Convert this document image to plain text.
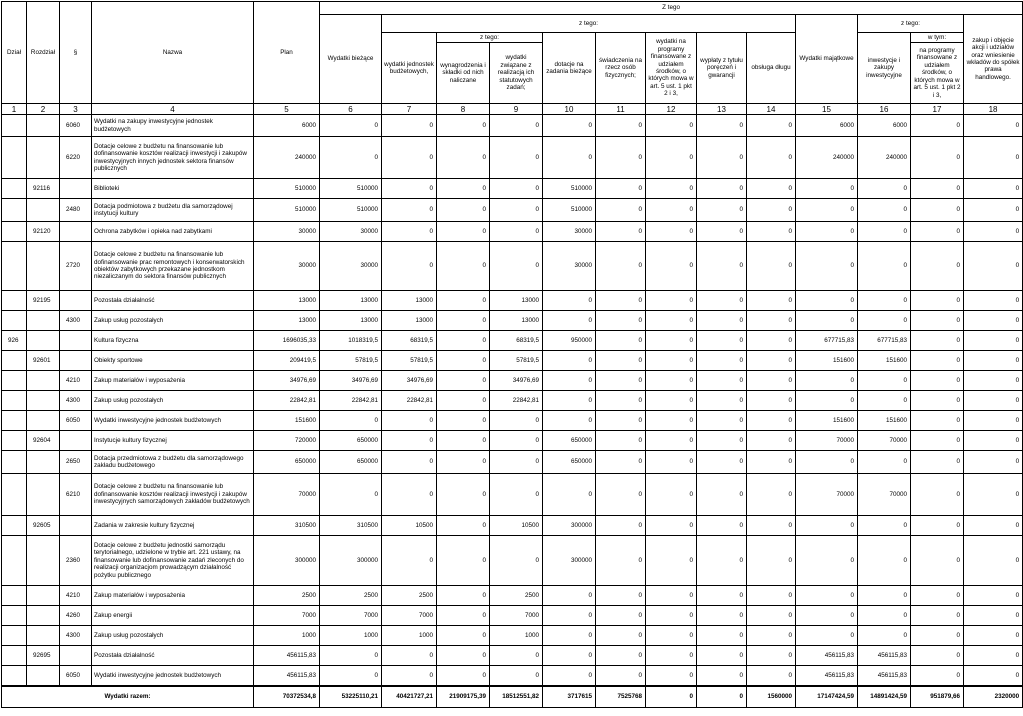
Dział	Rozdział	§	Nazwa	Plan	Z tego												
					Wydatki bieżące	z tego:								Wydatki majątkowe	z tego:		zakup i objęcie akcji i udziałów oraz wniesienie wkładów do spółek prawa handlowego.
						wydatki jednostek budżetowych,	z tego:		dotacje na zadania bieżące	świadczenia na rzecz osób fizycznych;	wydatki na programy finansowane z udziałem środków, o których mowa w art. 5 ust. 1 pkt 2 i 3,	wypłaty z tytułu poręczeń i gwarancji	obsługa długu		inwestycje i zakupy inwestycyjne	w tym:	
							wynagrodzenia i składki od nich naliczane	wydatki związane z realizacją ich statutowych zadań;								na programy finansowane z udziałem środków, o których mowa w art. 5 ust. 1 pkt 2 i 3,	

1	2	3	4	5	6	7	8	9	10	11	12	13	14	15	16	17	18
		6060	Wydatki na zakupy inwestycyjne jednostek budżetowych	6000	0	0	0	0	0	0	0	0	0	6000	6000	0	0
		6220	Dotacje celowe z budżetu na finansowanie lub dofinansowanie kosztów realizacji inwestycji i zakupów inwestycyjnych innych jednostek sektora finansów publicznych	240000	0	0	0	0	0	0	0	0	0	240000	240000	0	0
	92116		Biblioteki	510000	510000	0	0	0	510000	0	0	0	0	0	0	0	0
		2480	Dotacja podmiotowa z budżetu dla samorządowej instytucji kultury	510000	510000	0	0	0	510000	0	0	0	0	0	0	0	0
	92120		Ochrona zabytków i opieka nad zabytkami	30000	30000	0	0	0	30000	0	0	0	0	0	0	0	0
		2720	Dotacje celowe z budżetu na finansowanie lub dofinansowanie prac remontowych i konserwatorskich obiektów zabytkowych przekazane jednostkom niezaliczanym do sektora finansów publicznych	30000	30000	0	0	0	30000	0	0	0	0	0	0	0	0
	92195		Pozostała działalność	13000	13000	13000	0	13000	0	0	0	0	0	0	0	0	0
		4300	Zakup usług pozostałych	13000	13000	13000	0	13000	0	0	0	0	0	0	0	0	0
926			Kultura fizyczna	1696035,33	1018319,5	68319,5	0	68319,5	950000	0	0	0	0	677715,83	677715,83	0	0
	92601		Obiekty sportowe	209419,5	57819,5	57819,5	0	57819,5	0	0	0	0	0	151600	151600	0	0
		4210	Zakup materiałów i wyposażenia	34976,69	34976,69	34976,69	0	34976,69	0	0	0	0	0	0	0	0	0
		4300	Zakup usług pozostałych	22842,81	22842,81	22842,81	0	22842,81	0	0	0	0	0	0	0	0	0
		6050	Wydatki inwestycyjne jednostek budżetowych	151600	0	0	0	0	0	0	0	0	0	151600	151600	0	0
	92604		Instytucje kultury fizycznej	720000	650000	0	0	0	650000	0	0	0	0	70000	70000	0	0
		2650	Dotacja przedmiotowa z budżetu dla samorządowego zakładu budżetowego	650000	650000	0	0	0	650000	0	0	0	0	0	0	0	0
		6210	Dotacje celowe z budżetu na finansowanie lub dofinansowanie kosztów realizacji inwestycji i zakupów inwestycyjnych samorządowych zakładów budżetowych	70000	0	0	0	0	0	0	0	0	0	70000	70000	0	0
	92605		Zadania w zakresie kultury fizycznej	310500	310500	10500	0	10500	300000	0	0	0	0	0	0	0	0
		2360	Dotacje celowe z budżetu jednostki samorządu terytorialnego, udzielone w trybie art. 221 ustawy, na finansowanie lub dofinansowanie zadań zleconych do realizacji organizacjom prowadzącym działalność pożytku publicznego	300000	300000	0	0	0	300000	0	0	0	0	0	0	0	0
		4210	Zakup materiałów i wyposażenia	2500	2500	2500	0	2500	0	0	0	0	0	0	0	0	0
		4260	Zakup energii	7000	7000	7000	0	7000	0	0	0	0	0	0	0	0	0
		4300	Zakup usług pozostałych	1000	1000	1000	0	1000	0	0	0	0	0	0	0	0	0
	92695		Pozostała działalność	456115,83	0	0	0	0	0	0	0	0	0	456115,83	456115,83	0	0
		6050	Wydatki inwestycyjne jednostek budżetowych	456115,83	0	0	0	0	0	0	0	0	0	456115,83	456115,83	0	0
Wydatki razem:				70372534,8	53225110,21	40421727,21	21909175,39	18512551,82	3717615	7525768	0	0	1560000	17147424,59	14891424,59	951879,66	2320000
